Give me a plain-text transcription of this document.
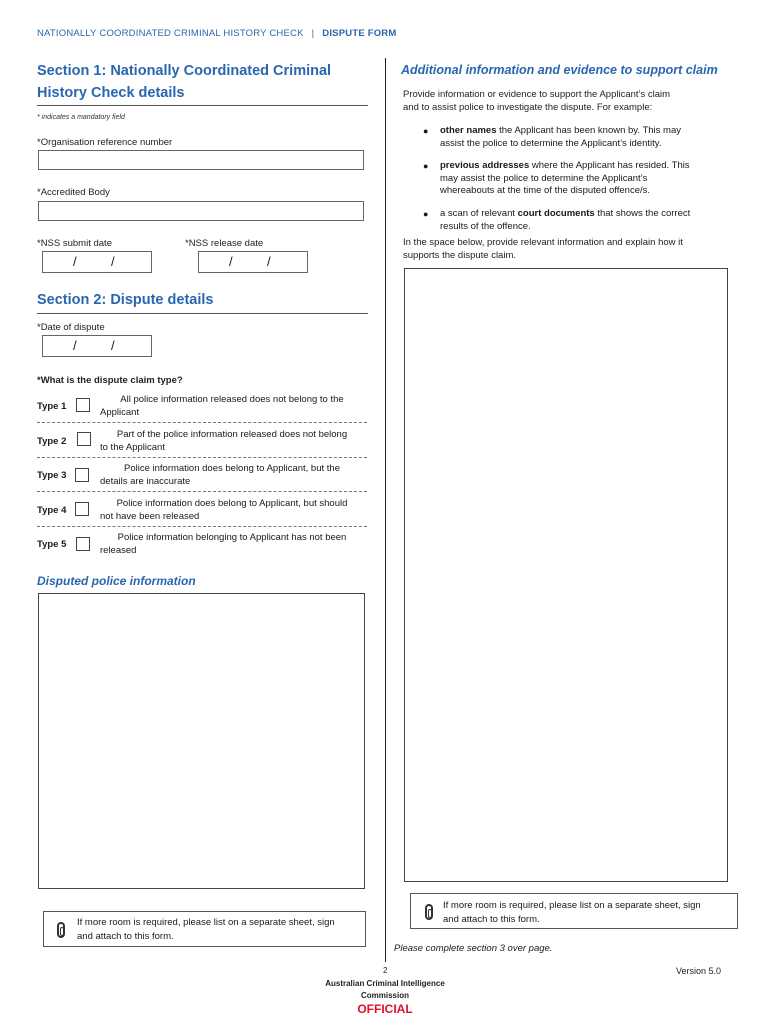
NATIONALLY COORDINATED CRIMINAL HISTORY CHECK | DISPUTE FORM
Section 1: Nationally Coordinated Criminal
History Check details
* indicates a mandatory field
*Organisation reference number
*Accredited Body
*NSS submit date	*NSS release date
/	/	/	/
Section 2: Dispute details
*Date of dispute
/	/
*What is the dispute claim type?
Type 1
All police information released does not belong to the
Applicant
Type 2
Part of the police information released does not belong
to the Applicant
Type 3
Police information does belong to Applicant, but the
details are inaccurate
Type 4
Police information does belong to Applicant, but should
not have been released
Type 5
Police information belonging to Applicant has not been
released
Disputed police information
If more room is required, please list on a separate sheet, sign
and attach to this form.
Additional information and evidence to support claim
Provide information or evidence to support the Applicant’s claim
and to assist police to investigate the dispute. For example:
● other names the Applicant has been known by. This may
assist the police to determine the Applicant’s identity.
● previous addresses where the Applicant has resided. This
may assist the police to determine the Applicant’s
whereabouts at the time of the disputed offence/s.
● a scan of relevant court documents that shows the correct
results of the offence.
In the space below, provide relevant information and explain how it
supports the dispute claim.
If more room is required, please list on a separate sheet, sign
and attach to this form.
Please complete section 3 over page.
2	Version 5.0
Australian Criminal Intelligence
Commission
OFFICIAL
